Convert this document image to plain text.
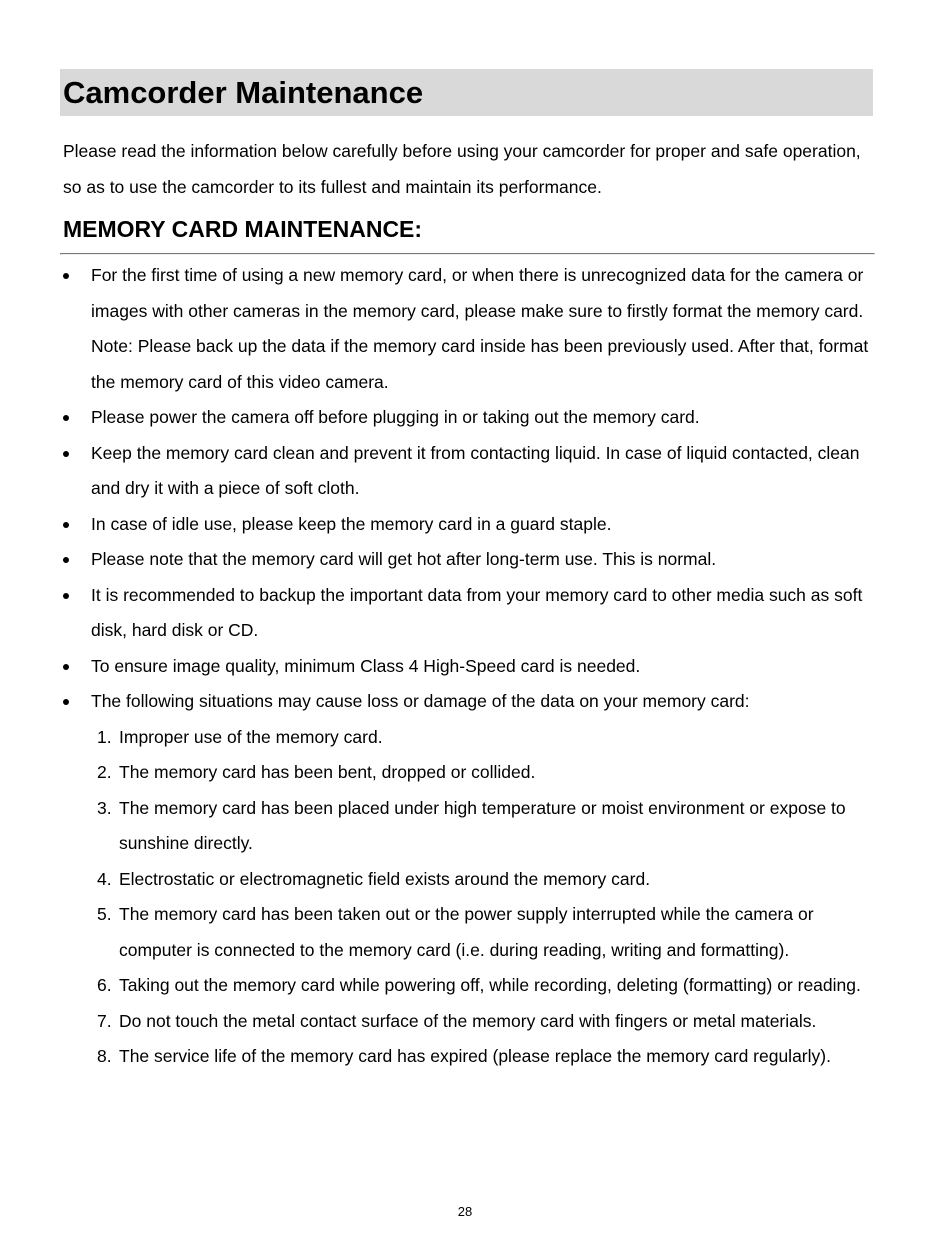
Camcorder Maintenance

Please read the information below carefully before using your camcorder for proper and safe operation, so as to use the camcorder to its fullest and maintain its performance.

MEMORY CARD MAINTENANCE:
For the first time of using a new memory card, or when there is unrecognized data for the camera or images with other cameras in the memory card, please make sure to firstly format the memory card.
Note: Please back up the data if the memory card inside has been previously used. After that, format the memory card of this video camera.
Please power the camera off before plugging in or taking out the memory card.
Keep the memory card clean and prevent it from contacting liquid. In case of liquid contacted, clean and dry it with a piece of soft cloth.
In case of idle use, please keep the memory card in a guard staple.
Please note that the memory card will get hot after long-term use. This is normal.
It is recommended to backup the important data from your memory card to other media such as soft disk, hard disk or CD.
To ensure image quality, minimum Class 4 High-Speed card is needed.
The following situations may cause loss or damage of the data on your memory card:
1. Improper use of the memory card.
2. The memory card has been bent, dropped or collided.
3. The memory card has been placed under high temperature or moist environment or expose to sunshine directly.
4. Electrostatic or electromagnetic field exists around the memory card.
5. The memory card has been taken out or the power supply interrupted while the camera or computer is connected to the memory card (i.e. during reading, writing and formatting).
6. Taking out the memory card while powering off, while recording, deleting (formatting) or reading.
7. Do not touch the metal contact surface of the memory card with fingers or metal materials.
8. The service life of the memory card has expired (please replace the memory card regularly).
28
